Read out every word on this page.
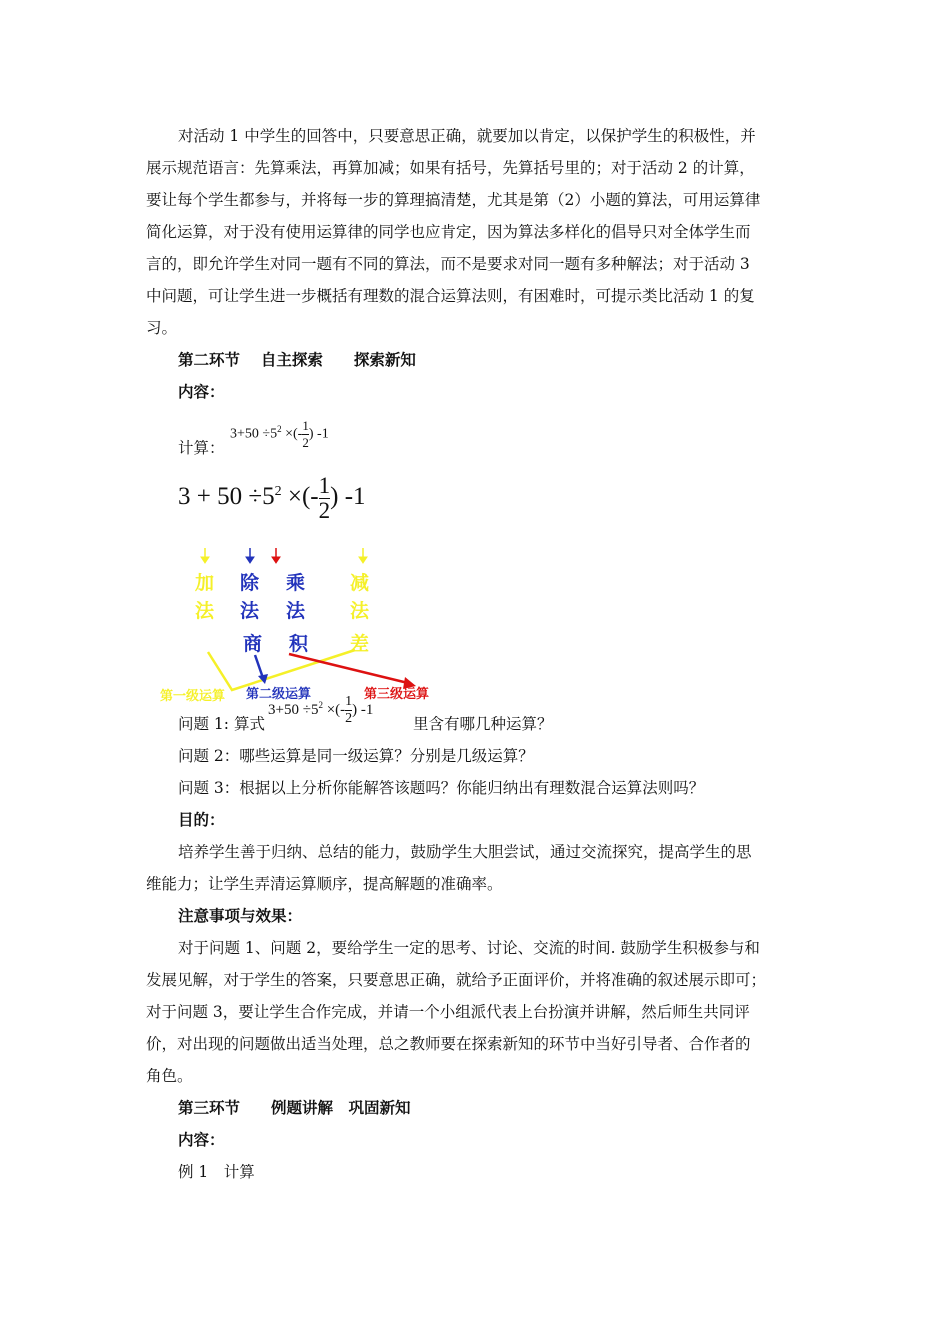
对活动 1 中学生的回答中，只要意思正确，就要加以肯定，以保护学生的积极性，并
展示规范语言：先算乘法，再算加减；如果有括号，先算括号里的；对于活动 2 的计算，
要让每个学生都参与，并将每一步的算理搞清楚，尤其是第（2）小题的算法，可用运算律
简化运算，对于没有使用运算律的同学也应肯定，因为算法多样化的倡导只对全体学生而
言的，即允许学生对同一题有不同的算法，而不是要求对同一题有多种解法；对于活动 3
中问题，可让学生进一步概括有理数的混合运算法则，有困难时，可提示类比活动 1 的复
习。
第二环节　 自主探索　　探索新知
内容：
$3+50 \div 5^2$ ×(- $\frac{1}{2}$ ) -1
计算：
$3 + 50 \div 5^2$ ×(- $\frac{1}{2}$ ) -1
加
法
除
法
乘
法
减
法
商 积 差
第一级运算 第二级运算	第三级运算
$3+50 \div 5^2$ ×(- $\frac{1}{2}$ ) -1
问题 1: 算式	里含有哪几种运算？
问题 2：哪些运算是同一级运算？分别是几级运算？
问题 3：根据以上分析你能解答该题吗？你能归纳出有理数混合运算法则吗？
目的：
培养学生善于归纳、总结的能力，鼓励学生大胆尝试，通过交流探究，提高学生的思
维能力；让学生弄清运算顺序，提高解题的准确率。
注意事项与效果：
对于问题 1、问题 2，要给学生一定的思考、讨论、交流的时间. 鼓励学生积极参与和
发展见解，对于学生的答案，只要意思正确，就给予正面评价，并将准确的叙述展示即可；
对于问题 3，要让学生合作完成，并请一个小组派代表上台扮演并讲解，然后师生共同评
价，对出现的问题做出适当处理，总之教师要在探索新知的环节中当好引导者、合作者的
角色。
第三环节　　例题讲解　巩固新知
内容：
例 1　计算
